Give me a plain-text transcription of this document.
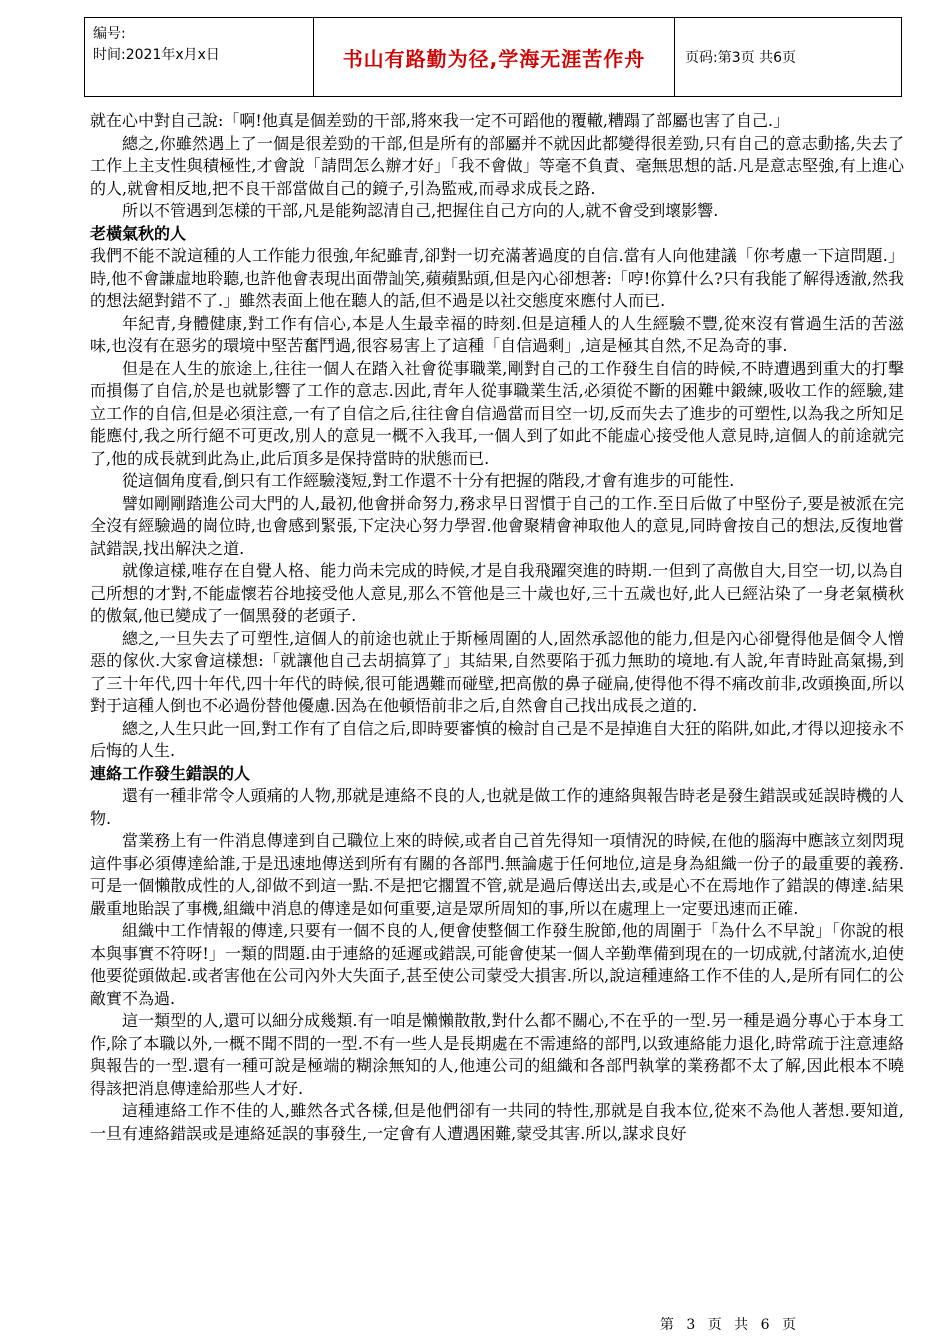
编号:
时间:2021年x月x日	书山有路勤为径,学海无涯苦作舟	页码:第3页 共6页

就在心中對自己說:「啊!他真是個差勁的干部,將來我一定不可蹈他的覆轍,糟蹋了部屬也害了自己.」

總之,你雖然遇上了一個是很差勁的干部,但是所有的部屬并不就因此都變得很差勁,只有自己的意志動搖,失去了工作上主支性與積極性,才會說「請問怎么辦才好」「我不會做」等毫不負責、毫無思想的話.凡是意志堅強,有上進心的人,就會相反地,把不良干部當做自己的鏡子,引為監戒,而尋求成長之路.

所以不管遇到怎樣的干部,凡是能夠認清自己,把握住自己方向的人,就不會受到壞影響.

老橫氣秋的人

我們不能不說這種的人工作能力很強,年紀雖青,卻對一切充滿著過度的自信.當有人向他建議「你考慮一下這問題.」時,他不會謙虛地聆聽,也許他會表現出面帶訕笑,蘋蘋點頭,但是內心卻想著:「哼!你算什么?只有我能了解得透澈,然我的想法絕對錯不了.」雖然表面上他在聽人的話,但不過是以社交態度來應付人而已.

年紀青,身體健康,對工作有信心,本是人生最幸福的時刻.但是這種人的人生經驗不豐,從來沒有嘗過生活的苦滋味,也沒有在惡劣的環境中堅苦奮鬥過,很容易害上了這種「自信過剩」,這是極其自然,不足為奇的事.

但是在人生的旅途上,往往一個人在踏入社會從事職業,剛對自己的工作發生自信的時候,不時遭遇到重大的打擊而損傷了自信,於是也就影響了工作的意志.因此,青年人從事職業生活,必須從不斷的困難中鍛練,吸收工作的經驗,建立工作的自信,但是必須注意,一有了自信之后,往往會自信過當而目空一切,反而失去了進步的可塑性,以為我之所知足能應付,我之所行絕不可更改,別人的意見一概不入我耳,一個人到了如此不能虛心接受他人意見時,這個人的前途就完了,他的成長就到此為止,此后頂多是保持當時的狀態而已.

從這個角度看,倒只有工作經驗淺短,對工作還不十分有把握的階段,才會有進步的可能性.

譬如剛剛踏進公司大門的人,最初,他會拼命努力,務求早日習慣于自己的工作.至日后做了中堅份子,要是被派在完全沒有經驗過的崗位時,也會感到緊張,下定決心努力學習.他會聚精會神取他人的意見,同時會按自己的想法,反復地嘗試錯誤,找出解決之道.

就像這樣,唯存在自覺人格、能力尚未完成的時候,才是自我飛躍突進的時期.一但到了高傲自大,目空一切,以為自己所想的才對,不能虛懷若谷地接受他人意見,那么不管他是三十歲也好,三十五歲也好,此人已經沾染了一身老氣橫秋的傲氣,他已變成了一個黑發的老頭子.

總之,一旦失去了可塑性,這個人的前途也就止于斯極周圍的人,固然承認他的能力,但是內心卻覺得他是個令人憎惡的傢伙.大家會這樣想:「就讓他自己去胡搞算了」其結果,自然要陷于孤力無助的境地.有人說,年青時趾高氣揚,到了三十年代,四十年代,四十年代的時候,很可能遇難而碰壁,把高傲的鼻子碰扁,使得他不得不痛改前非,改頭換面,所以對于這種人倒也不必過份替他優慮.因為在他頓悟前非之后,自然會自己找出成長之道的.

總之,人生只此一回,對工作有了自信之后,即時要審慎的檢討自己是不是掉進自大狂的陷阱,如此,才得以迎接永不后悔的人生.

連絡工作發生錯誤的人

還有一種非常令人頭痛的人物,那就是連絡不良的人,也就是做工作的連絡與報告時老是發生錯誤或延誤時機的人物.

當業務上有一件消息傳達到自己職位上來的時候,或者自己首先得知一項情況的時候,在他的腦海中應該立刻閃現這件事必須傳達給誰,于是迅速地傳送到所有有關的各部門.無論處于任何地位,這是身為組織一份子的最重要的義務.可是一個懶散成性的人,卻做不到這一點.不是把它擱置不管,就是過后傳送出去,或是心不在焉地作了錯誤的傳達.結果嚴重地貽誤了事機,組織中消息的傳達是如何重要,這是眾所周知的事,所以在處理上一定要迅速而正確.

組織中工作情報的傳達,只要有一個不良的人,便會使整個工作發生脫節,他的周圍于「為什么不早說」「你說的根本與事實不符呀!」一類的問題.由于連絡的延遲或錯誤,可能會使某一個人辛勤準備到現在的一切成就,付諸流水,迫使他要從頭做起.或者害他在公司內外大失面子,甚至使公司蒙受大損害.所以,說這種連絡工作不佳的人,是所有同仁的公敵實不為過.

這一類型的人,還可以細分成幾類.有一咱是懶懶散散,對什么都不關心,不在乎的一型.另一種是過分專心于本身工作,除了本職以外,一概不聞不問的一型.不有一些人是長期處在不需連絡的部門,以致連絡能力退化,時常疏于注意連絡與報告的一型.還有一種可說是極端的糊涂無知的人,他連公司的組織和各部門執掌的業務都不太了解,因此根本不曉得該把消息傳達給那些人才好.

這種連絡工作不佳的人,雖然各式各樣,但是他們卻有一共同的特性,那就是自我本位,從來不為他人著想.要知道,一旦有連絡錯誤或是連絡延誤的事發生,一定會有人遭遇困難,蒙受其害.所以,謀求良好

第 3 页 共 6 页
